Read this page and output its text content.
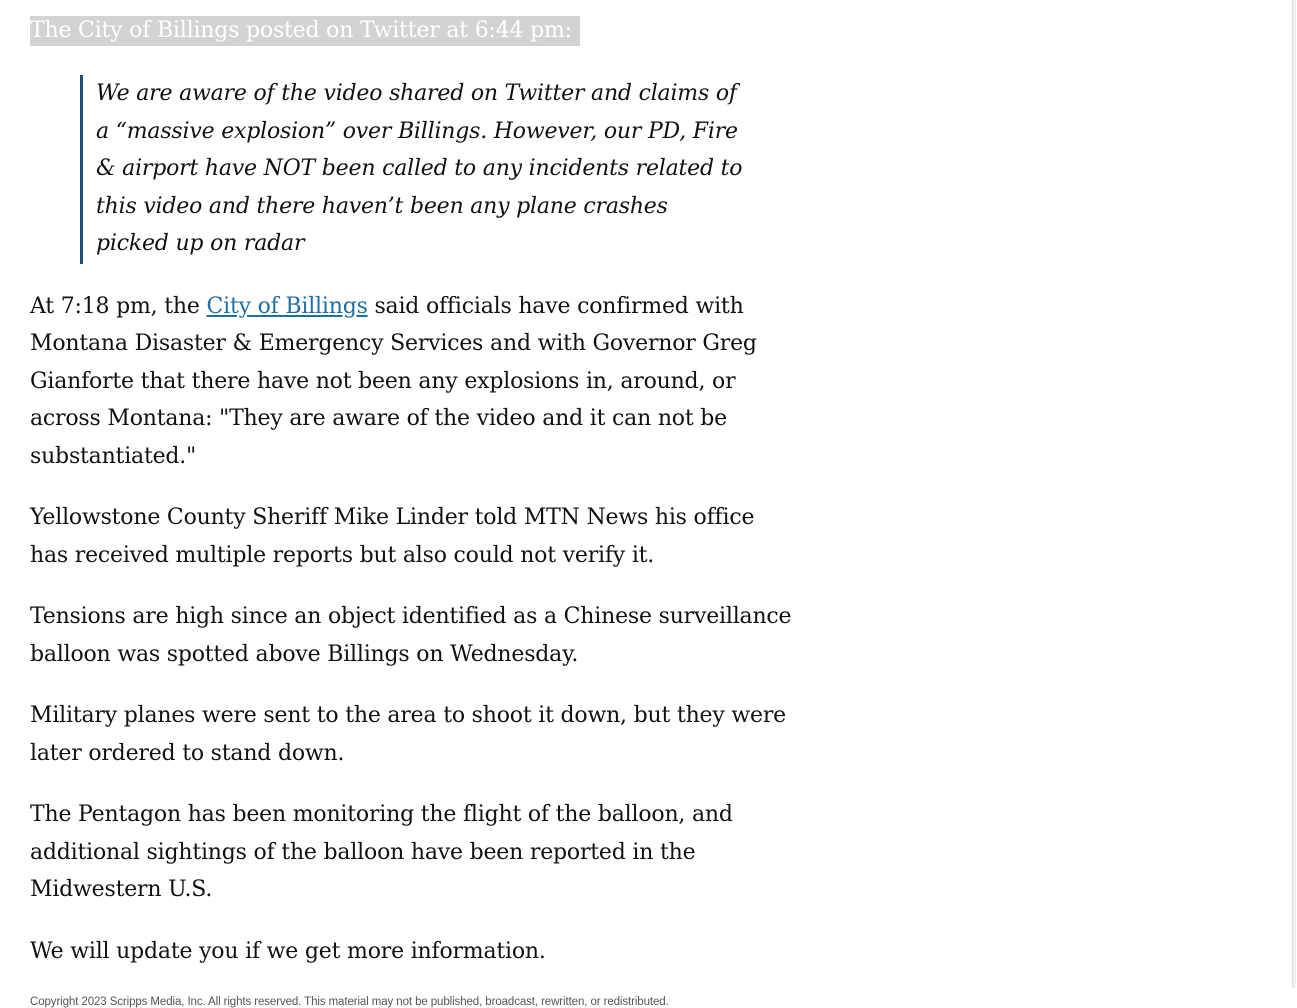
The City of Billings posted on Twitter at 6:44 pm:

We are aware of the video shared on Twitter and claims of a “massive explosion” over Billings. However, our PD, Fire & airport have NOT been called to any incidents related to this video and there haven’t been any plane crashes picked up on radar

At 7:18 pm, the City of Billings said officials have confirmed with Montana Disaster & Emergency Services and with Governor Greg Gianforte that there have not been any explosions in, around, or across Montana: "They are aware of the video and it can not be substantiated."

Yellowstone County Sheriff Mike Linder told MTN News his office has received multiple reports but also could not verify it.

Tensions are high since an object identified as a Chinese surveillance balloon was spotted above Billings on Wednesday.

Military planes were sent to the area to shoot it down, but they were later ordered to stand down.

The Pentagon has been monitoring the flight of the balloon, and additional sightings of the balloon have been reported in the Midwestern U.S.

We will update you if we get more information.

Copyright 2023 Scripps Media, Inc. All rights reserved. This material may not be published, broadcast, rewritten, or redistributed.
